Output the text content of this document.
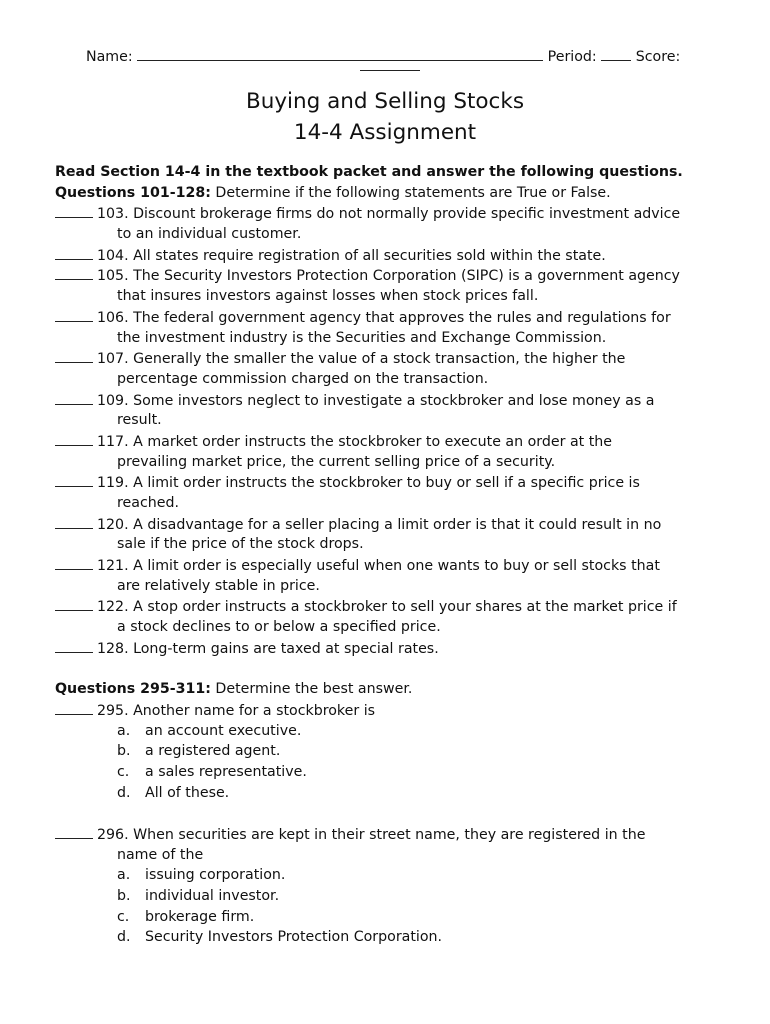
Name:	Period:	Score:
Buying and Selling Stocks
14-4 Assignment
Read Section 14-4 in the textbook packet and answer the following questions.
Questions 101-128: Determine if the following statements are True or False.
103. Discount brokerage firms do not normally provide specific investment advice
to an individual customer.
104. All states require registration of all securities sold within the state.
105. The Security Investors Protection Corporation (SIPC) is a government agency
that insures investors against losses when stock prices fall.
106. The federal government agency that approves the rules and regulations for
the investment industry is the Securities and Exchange Commission.
107. Generally the smaller the value of a stock transaction, the higher the
percentage commission charged on the transaction.
109. Some investors neglect to investigate a stockbroker and lose money as a
result.
117. A market order instructs the stockbroker to execute an order at the
prevailing market price, the current selling price of a security.
119. A limit order instructs the stockbroker to buy or sell if a specific price is
reached.
120. A disadvantage for a seller placing a limit order is that it could result in no
sale if the price of the stock drops.
121. A limit order is especially useful when one wants to buy or sell stocks that
are relatively stable in price.
122. A stop order instructs a stockbroker to sell your shares at the market price if
a stock declines to or below a specified price.
128. Long-term gains are taxed at special rates.
Questions 295-311: Determine the best answer.
295. Another name for a stockbroker is
a. an account executive.
b. a registered agent.
c. a sales representative.
d. All of these.
296. When securities are kept in their street name, they are registered in the
name of the
a. issuing corporation.
b. individual investor.
c. brokerage firm.
d. Security Investors Protection Corporation.
